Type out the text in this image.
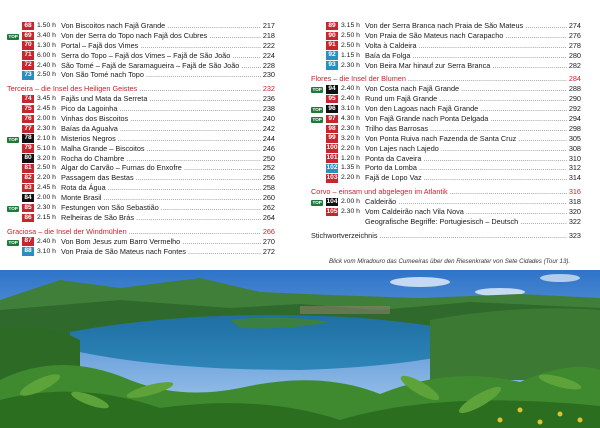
68 1.50 h Von Biscoitos nach Fajã Grande .....	217
TOP 69 3.40 h Von der Serra do Topo nach Fajã dos Cubres .....	218
70 1.30 h Portal – Fajã dos Vimes .....	222
71 6.00 h Serra do Topo – Fajã dos Vimes – Fajã de São João .....	224
72 2.40 h São Tomé – Fajã de Saramagueira – Fajã de São João .....	228
73 2.50 h Von São Tomé nach Topo .....	230
Terceira – die Insel des Heiligen Geistes .....	232
74 3.45 h Fajãs und Mata da Serreta .....	236
75 2.45 h Pico da Lagoinha .....	238
76 2.00 h Vinhas dos Biscoitos .....	240
77 2.30 h Baías da Agualva .....	242
TOP 78 2.10 h Misterios Negros .....	244
79 5.10 h Malha Grande – Biscoitos .....	246
80 3.20 h Rocha do Chambre .....	250
81 2.50 h Algar do Carvão – Furnas do Enxofre .....	252
82 2.20 h Passagem das Bestas .....	256
83 2.45 h Rota da Água .....	258
84 2.00 h Monte Brasil .....	260
TOP 85 2.30 h Festungen von São Sebastião .....	262
86 2.15 h Relheiras de São Brás .....	264
Graciosa – die Insel der Windmühlen .....	266
TOP 87 2.40 h Von Bom Jesus zum Barro Vermelho .....	270
88 3.10 h Von Praia de São Mateus nach Fontes .....	272
89 3.15 h Von der Serra Branca nach Praia de São Mateus .....	274
90 2.50 h Von Praia de São Mateus nach Carapacho .....	276
91 2.50 h Volta à Caldeira .....	278
92 1.15 h Baía da Folga .....	280
93 2.30 h Von Beira Mar hinauf zur Serra Branca .....	282
Flores – die Insel der Blumen .....	284
TOP 94 2.40 h Von Costa nach Fajã Grande .....	288
95 2.40 h Rund um Fajã Grande .....	290
TOP 96 3.10 h Von den Lagoas nach Fajã Grande .....	292
TOP 97 4.30 h Von Fajã Grande nach Ponta Delgada .....	294
98 2.30 h Trilho das Barrosas .....	298
99 3.20 h Von Ponta Ruiva nach Fazenda de Santa Cruz .....	305
100 2.20 h Von Lajes nach Lajedo .....	308
101 1.20 h Ponta da Caveira .....	310
102 1.35 h Porto da Lomba .....	312
103 2.20 h Fajã de Lopo Vaz .....	314
Corvo – einsam und abgelegen im Atlantik .....	316
TOP 104 2.00 h Caldeirão .....	318
105 2.30 h Vom Caldeirão nach Vila Nova .....	320
Geografische Begriffe: Portugiesisch – Deutsch .....	322
Stichwortverzeichnis .....	323
Blick vom Miradouro das Cumeeiras über den Riesenkrater von Sete Cidades (Tour 13).
